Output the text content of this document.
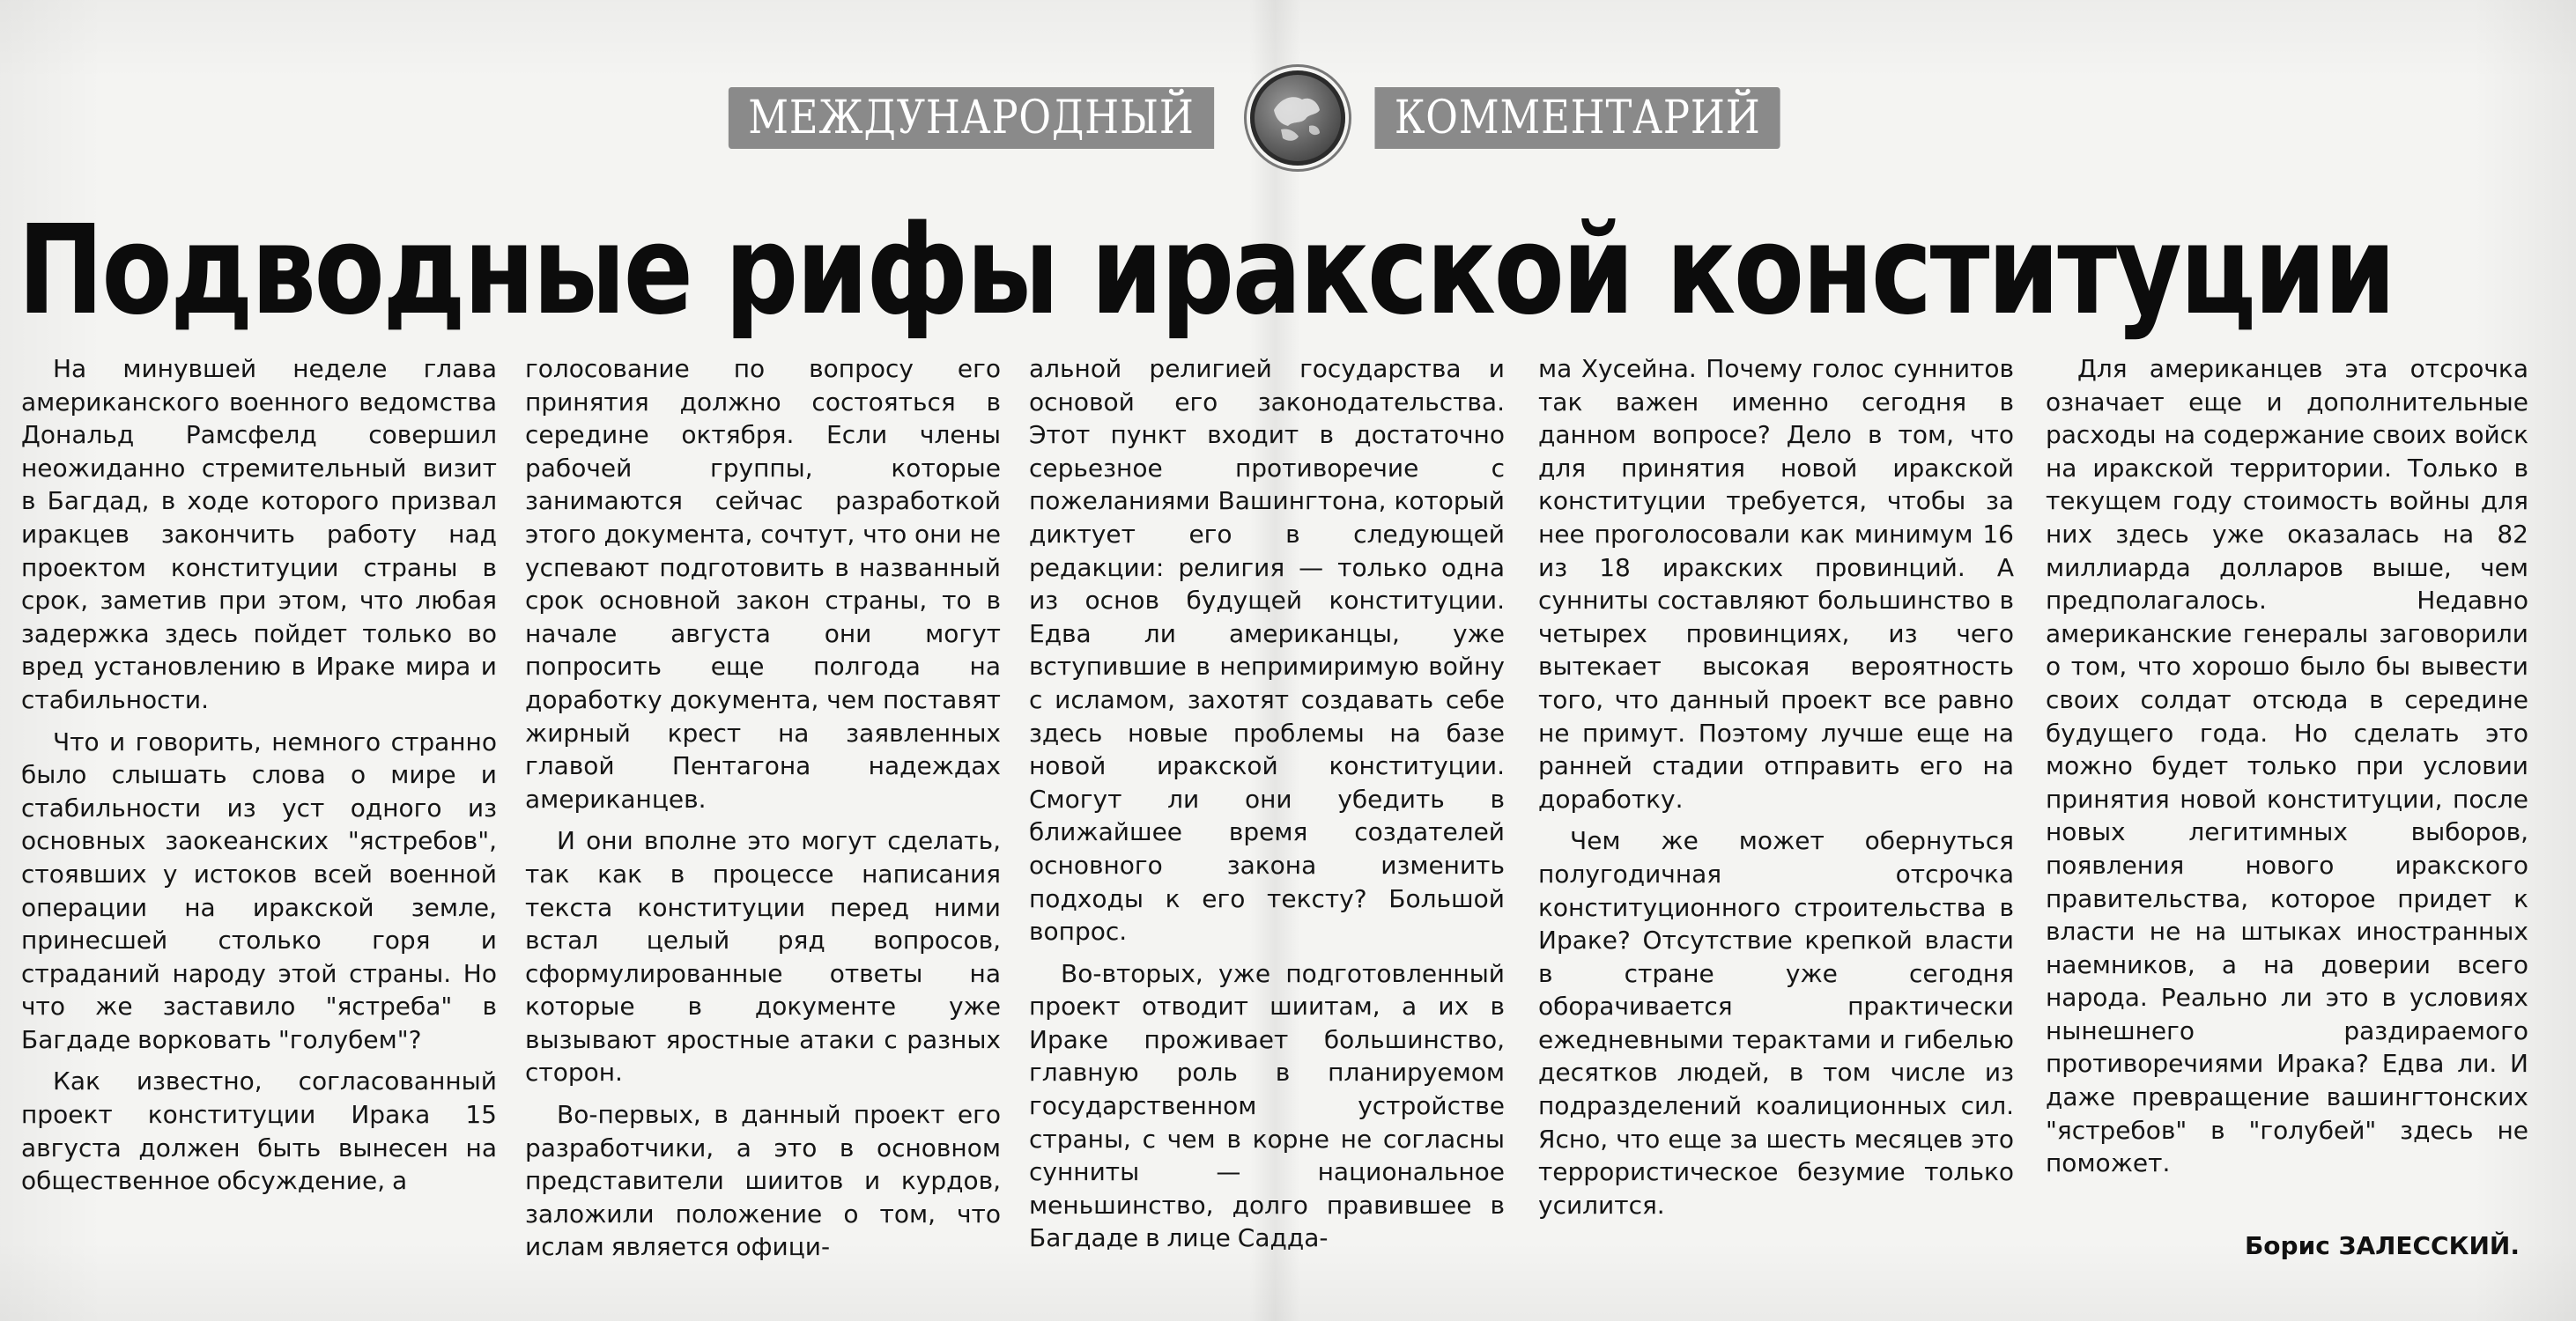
МЕЖДУНАРОДНЫЙ	КОММЕНТАРИЙ
Подводные рифы иракской конституции

На минувшей неделе глава американского военного ведомства Дональд Рамсфелд совершил неожиданно стремительный визит в Багдад, в ходе которого призвал иракцев закончить работу над проектом конституции страны в срок, заметив при этом, что любая задержка здесь пойдет только во вред установлению в Ираке мира и стабильности.

Что и говорить, немного странно было слышать слова о мире и стабильности из уст одного из основных заокеанских "ястребов", стоявших у истоков всей военной операции на иракской земле, принесшей столько горя и страданий народу этой страны. Но что же заставило "ястреба" в Багдаде ворковать "голубем"?

Как известно, согласованный проект конституции Ирака 15 августа должен быть вынесен на общественное обсуждение, а

голосование по вопросу его принятия должно состояться в середине октября. Если члены рабочей группы, которые занимаются сейчас разработкой этого документа, сочтут, что они не успевают подготовить в названный срок основной закон страны, то в начале августа они могут попросить еще полгода на доработку документа, чем поставят жирный крест на заявленных главой Пентагона надеждах американцев.

И они вполне это могут сделать, так как в процессе написания текста конституции перед ними встал целый ряд вопросов, сформулированные ответы на которые в документе уже вызывают яростные атаки с разных сторон.

Во-первых, в данный проект его разработчики, а это в основном представители шиитов и курдов, заложили положение о том, что ислам является офици-

альной религией государства и основой его законодательства. Этот пункт входит в достаточно серьезное противоречие с пожеланиями Вашингтона, который диктует его в следующей редакции: религия — только одна из основ будущей конституции. Едва ли американцы, уже вступившие в непримиримую войну с исламом, захотят создавать себе здесь новые проблемы на базе новой иракской конституции. Смогут ли они убедить в ближайшее время создателей основного закона изменить подходы к его тексту? Большой вопрос.

Во-вторых, уже подготовленный проект отводит шиитам, а их в Ираке проживает большинство, главную роль в планируемом государственном устройстве страны, с чем в корне не согласны сунниты — национальное меньшинство, долго правившее в Багдаде в лице Садда-

ма Хусейна. Почему голос суннитов так важен именно сегодня в данном вопросе? Дело в том, что для принятия новой иракской конституции требуется, чтобы за нее проголосовали как минимум 16 из 18 иракских провинций. А сунниты составляют большинство в четырех провинциях, из чего вытекает высокая вероятность того, что данный проект все равно не примут. Поэтому лучше еще на ранней стадии отправить его на доработку.

Чем же может обернуться полугодичная отсрочка конституционного строительства в Ираке? Отсутствие крепкой власти в стране уже сегодня оборачивается практически ежедневными терактами и гибелью десятков людей, в том числе из подразделений коалиционных сил. Ясно, что еще за шесть месяцев это террористическое безумие только усилится.

Для американцев эта отсрочка означает еще и дополнительные расходы на содержание своих войск на иракской территории. Только в текущем году стоимость войны для них здесь уже оказалась на 82 миллиарда долларов выше, чем предполагалось. Недавно американские генералы заговорили о том, что хорошо было бы вывести своих солдат отсюда в середине будущего года. Но сделать это можно будет только при условии принятия новой конституции, после новых легитимных выборов, появления нового иракского правительства, которое придет к власти не на штыках иностранных наемников, а на доверии всего народа. Реально ли это в условиях нынешнего раздираемого противоречиями Ирака? Едва ли. И даже превращение вашингтонских "ястребов" в "голубей" здесь не поможет.

Борис ЗАЛЕССКИЙ.
